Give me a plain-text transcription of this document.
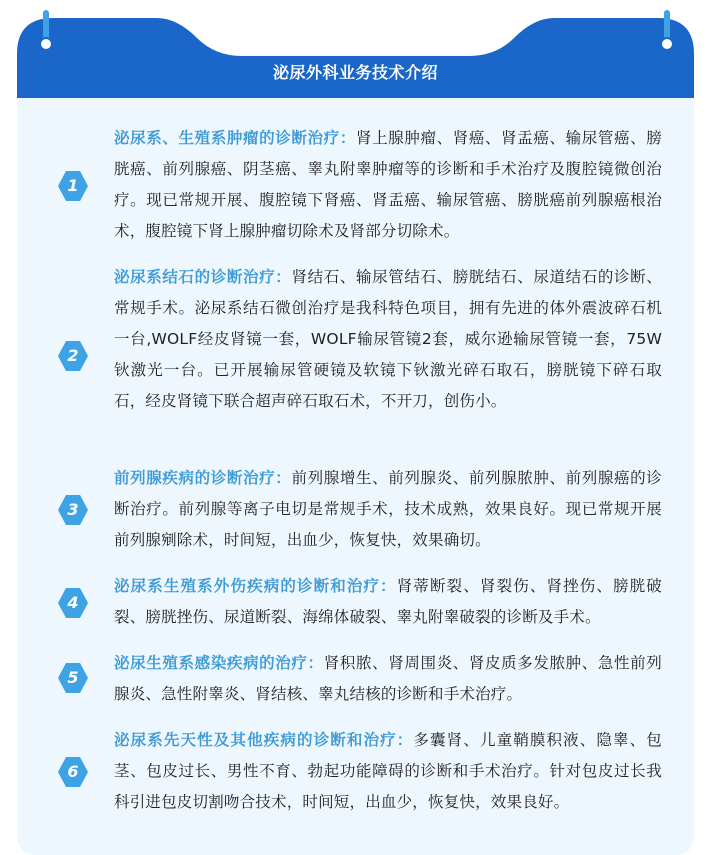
泌尿外科业务技术介绍
1
泌尿系、生殖系肿瘤的诊断治疗：肾上腺肿瘤、肾癌、肾盂癌、输尿管癌、膀胱癌、前列腺癌、阴茎癌、睾丸附睾肿瘤等的诊断和手术治疗及腹腔镜微创治疗。现已常规开展、腹腔镜下肾癌、肾盂癌、输尿管癌、膀胱癌前列腺癌根治术，腹腔镜下肾上腺肿瘤切除术及肾部分切除术。
2
泌尿系结石的诊断治疗：肾结石、输尿管结石、膀胱结石、尿道结石的诊断、常规手术。泌尿系结石微创治疗是我科特色项目，拥有先进的体外震波碎石机一台,WOLF经皮肾镜一套，WOLF输尿管镜2套，威尔逊输尿管镜一套，75W钬激光一台。已开展输尿管硬镜及软镜下钬激光碎石取石，膀胱镜下碎石取石，经皮肾镜下联合超声碎石取石术，不开刀，创伤小。
3
前列腺疾病的诊断治疗：前列腺增生、前列腺炎、前列腺脓肿、前列腺癌的诊断治疗。前列腺等离子电切是常规手术，技术成熟，效果良好。现已常规开展前列腺剜除术，时间短，出血少，恢复快，效果确切。
4
泌尿系生殖系外伤疾病的诊断和治疗：肾蒂断裂、肾裂伤、肾挫伤、膀胱破裂、膀胱挫伤、尿道断裂、海绵体破裂、睾丸附睾破裂的诊断及手术。
5
泌尿生殖系感染疾病的治疗：肾积脓、肾周围炎、肾皮质多发脓肿、急性前列腺炎、急性附睾炎、肾结核、睾丸结核的诊断和手术治疗。
6
泌尿系先天性及其他疾病的诊断和治疗：多囊肾、儿童鞘膜积液、隐睾、包茎、包皮过长、男性不育、勃起功能障碍的诊断和手术治疗。针对包皮过长我科引进包皮切割吻合技术，时间短，出血少，恢复快，效果良好。
